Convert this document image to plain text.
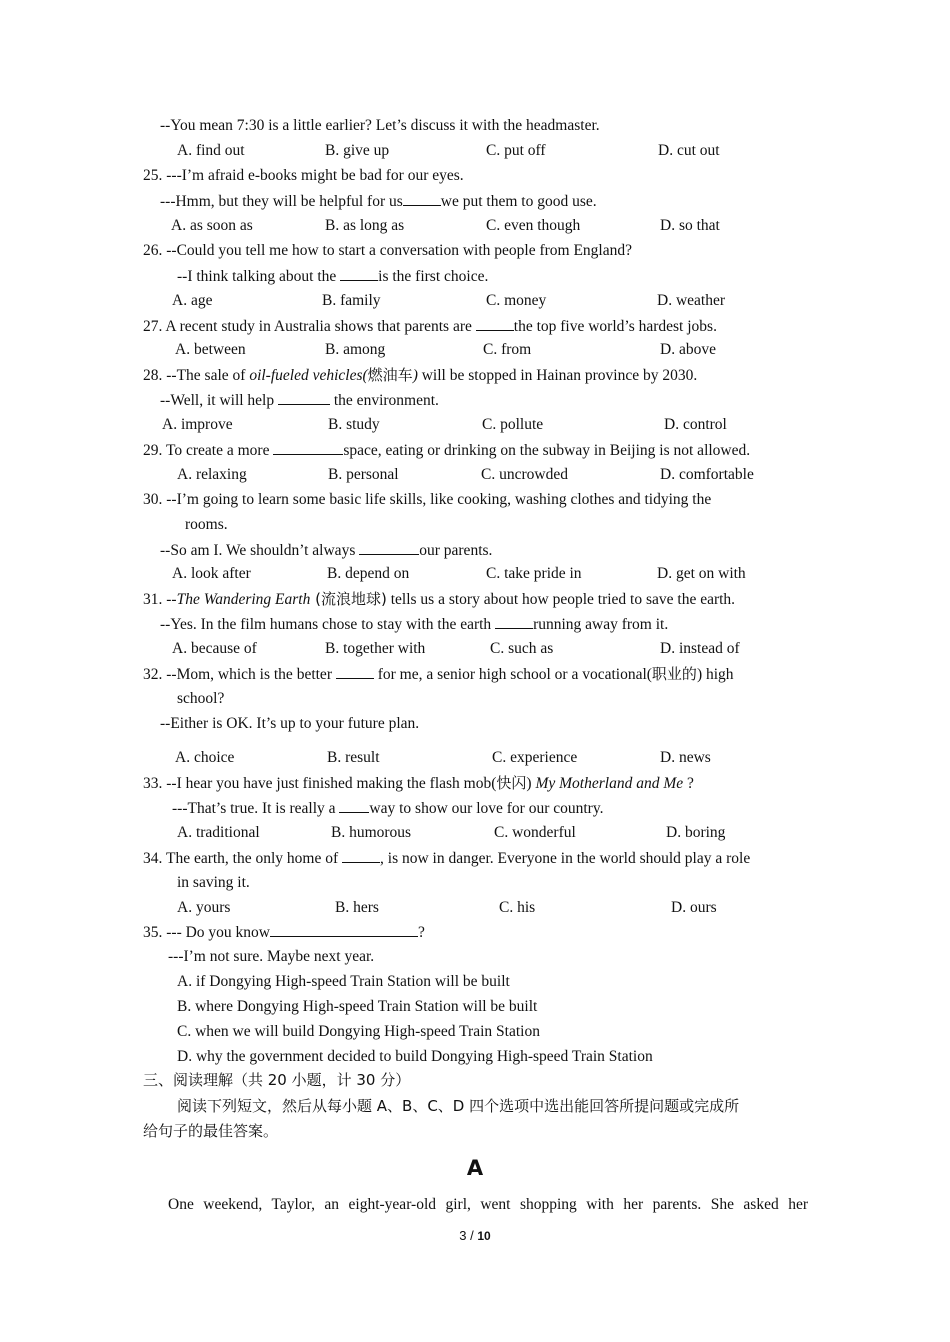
--You mean 7:30 is a little earlier? Let’s discuss it with the headmaster.
A. find out	B. give up	C. put off	D. cut out
25. ---I’m afraid e-books might be bad for our eyes.
---Hmm, but they will be helpful for us we put them to good use.
A. as soon as	B. as long as	C. even though	D. so that
26. --Could you tell me how to start a conversation with people from England?
--I think talking about the is the first choice.
A. age	B. family	C. money	D. weather
27. A recent study in Australia shows that parents are the top five world’s hardest jobs.
A. between	B. among	C. from	D. above
28. --The sale of oil-fueled vehicles(燃油车) will be stopped in Hainan province by 2030.
--Well, it will help	the environment.
A. improve	B. study	C. pollute	D. control
29. To create a more	space, eating or drinking on the subway in Beijing is not allowed.
A. relaxing	B. personal	C. uncrowded	D. comfortable
30. --I’m going to learn some basic life skills, like cooking, washing clothes and tidying the
rooms.
--So am I. We shouldn’t always	our parents.
A. look after	B. depend on	C. take pride in	D. get on with
31. --The Wandering Earth (流浪地球) tells us a story about how people tried to save the earth.
--Yes. In the film humans chose to stay with the earth running away from it.
A. because of	B. together with	C. such as	D. instead of
32. --Mom, which is the better  for me, a senior high school or a vocational(职业的) high
school?
--Either is OK. It’s up to your future plan.
A. choice	B. result	C. experience	D. news
33. --I hear you have just finished making the flash mob(快闪) My Motherland and Me ?
---That’s true. It is really a way to show our love for our country.
A. traditional	B. humorous	C. wonderful	D. boring
34. The earth, the only home of , is now in danger. Everyone in the world should play a role
in saving it.
A. yours	B. hers	C. his	D. ours
35. --- Do you know	?
---I’m not sure. Maybe next year.
A. if Dongying High-speed Train Station will be built
B. where Dongying High-speed Train Station will be built
C. when we will build Dongying High-speed Train Station
D. why the government decided to build Dongying High-speed Train Station
三、阅读理解（共 20 小题，计 30 分）
阅读下列短文，然后从每小题 A、B、C、D 四个选项中选出能回答所提问题或完成所
给句子的最佳答案。
A
One weekend, Taylor, an eight-year-old girl, went shopping with her parents. She asked her
3 / 10
